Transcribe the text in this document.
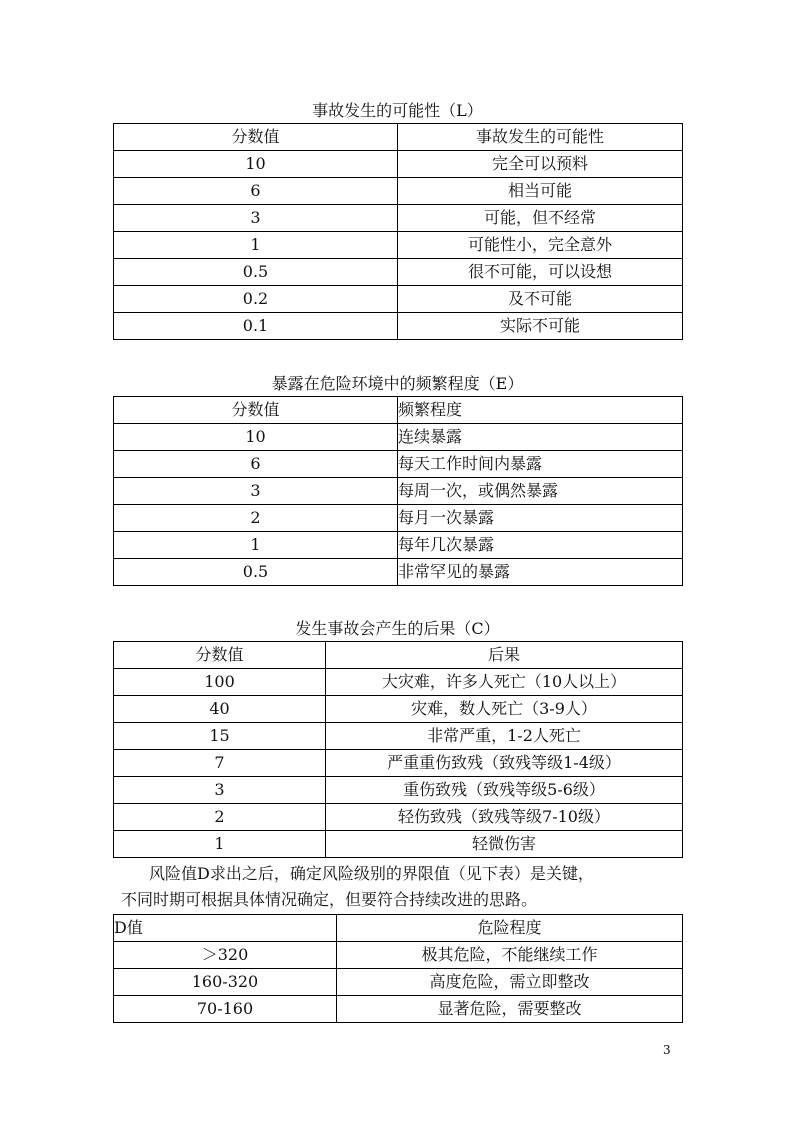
事故发生的可能性（L）
分数值	事故发生的可能性
10	完全可以预料
6	相当可能
3	可能，但不经常
1	可能性小，完全意外
0.5	很不可能，可以设想
0.2	及不可能
0.1	实际不可能
暴露在危险环境中的频繁程度（E）
分数值	频繁程度
10	连续暴露
6	每天工作时间内暴露
3	每周一次，或偶然暴露
2	每月一次暴露
1	每年几次暴露
0.5	非常罕见的暴露
发生事故会产生的后果（C）
分数值	后果
100	大灾难，许多人死亡（10人以上）
40	灾难，数人死亡（3-9人）
15	非常严重，1-2人死亡
7	严重重伤致残（致残等级1-4级）
3	重伤致残（致残等级5-6级）
2	轻伤致残（致残等级7-10级）
1	轻微伤害
风险值D求出之后，确定风险级别的界限值（见下表）是关键，
不同时期可根据具体情况确定，但要符合持续改进的思路。
D值	危险程度
＞320	极其危险，不能继续工作
160-320	高度危险，需立即整改
70-160	显著危险，需要整改
3
